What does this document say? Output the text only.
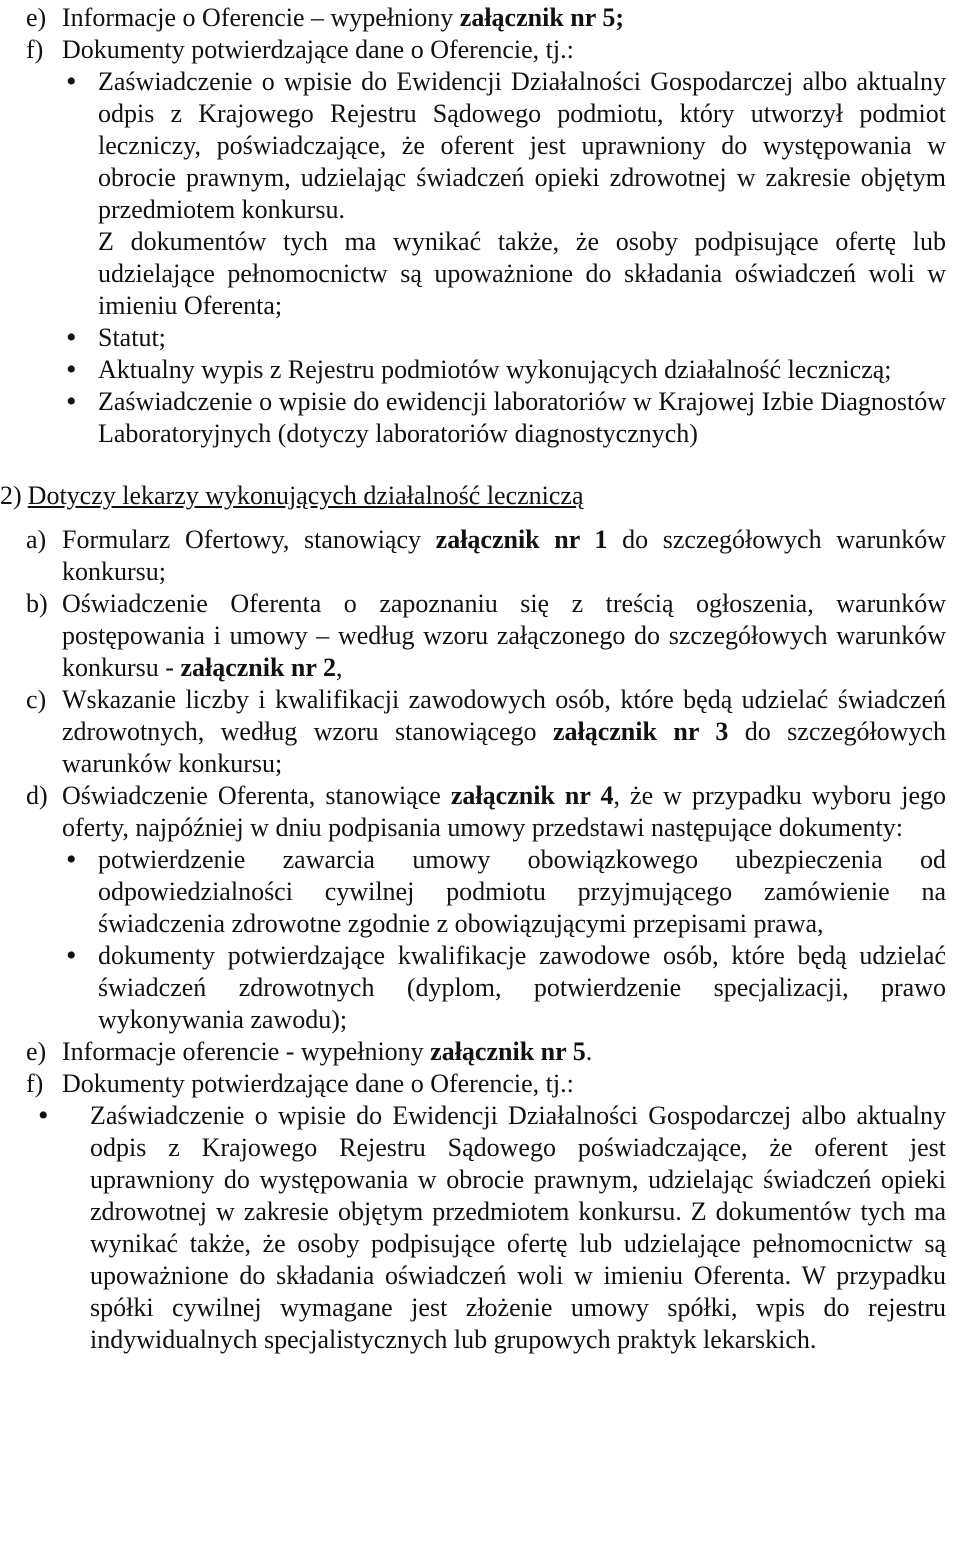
e) Informacje o Oferencie – wypełniony załącznik nr 5;
f) Dokumenty potwierdzające dane o Oferencie, tj.:

• Zaświadczenie o wpisie do Ewidencji Działalności Gospodarczej albo aktualny odpis z Krajowego Rejestru Sądowego podmiotu, który utworzył podmiot leczniczy, poświadczające, że oferent jest uprawniony do występowania w obrocie prawnym, udzielając świadczeń opieki zdrowotnej w zakresie objętym przedmiotem konkursu.

Z dokumentów tych ma wynikać także, że osoby podpisujące ofertę lub udzielające pełnomocnictw są upoważnione do składania oświadczeń woli w imieniu Oferenta;

• Statut;

• Aktualny wypis z Rejestru podmiotów wykonujących działalność leczniczą;

• Zaświadczenie o wpisie do ewidencji laboratoriów w Krajowej Izbie Diagnostów Laboratoryjnych (dotyczy laboratoriów diagnostycznych)

2) Dotyczy lekarzy wykonujących działalność leczniczą
a) Formularz Ofertowy, stanowiący załącznik nr 1 do szczegółowych warunków konkursu;
b) Oświadczenie Oferenta o zapoznaniu się z treścią ogłoszenia, warunków postępowania i umowy – według wzoru załączonego do szczegółowych warunków konkursu - załącznik nr 2,
c) Wskazanie liczby i kwalifikacji zawodowych osób, które będą udzielać świadczeń zdrowotnych, według wzoru stanowiącego załącznik nr 3 do szczegółowych warunków konkursu;
d) Oświadczenie Oferenta, stanowiące załącznik nr 4, że w przypadku wyboru jego oferty, najpóźniej w dniu podpisania umowy przedstawi następujące dokumenty:

• potwierdzenie zawarcia umowy obowiązkowego ubezpieczenia od odpowiedzialności cywilnej podmiotu przyjmującego zamówienie na świadczenia zdrowotne zgodnie z obowiązującymi przepisami prawa,

• dokumenty potwierdzające kwalifikacje zawodowe osób, które będą udzielać świadczeń zdrowotnych (dyplom, potwierdzenie specjalizacji, prawo wykonywania zawodu);

e) Informacje oferencie - wypełniony załącznik nr 5.
f) Dokumenty potwierdzające dane o Oferencie, tj.:

• Zaświadczenie o wpisie do Ewidencji Działalności Gospodarczej albo aktualny odpis z Krajowego Rejestru Sądowego poświadczające, że oferent jest uprawniony do występowania w obrocie prawnym, udzielając świadczeń opieki zdrowotnej w zakresie objętym przedmiotem konkursu. Z dokumentów tych ma wynikać także, że osoby podpisujące ofertę lub udzielające pełnomocnictw są upoważnione do składania oświadczeń woli w imieniu Oferenta. W przypadku spółki cywilnej wymagane jest złożenie umowy spółki, wpis do rejestru indywidualnych specjalistycznych lub grupowych praktyk lekarskich.
